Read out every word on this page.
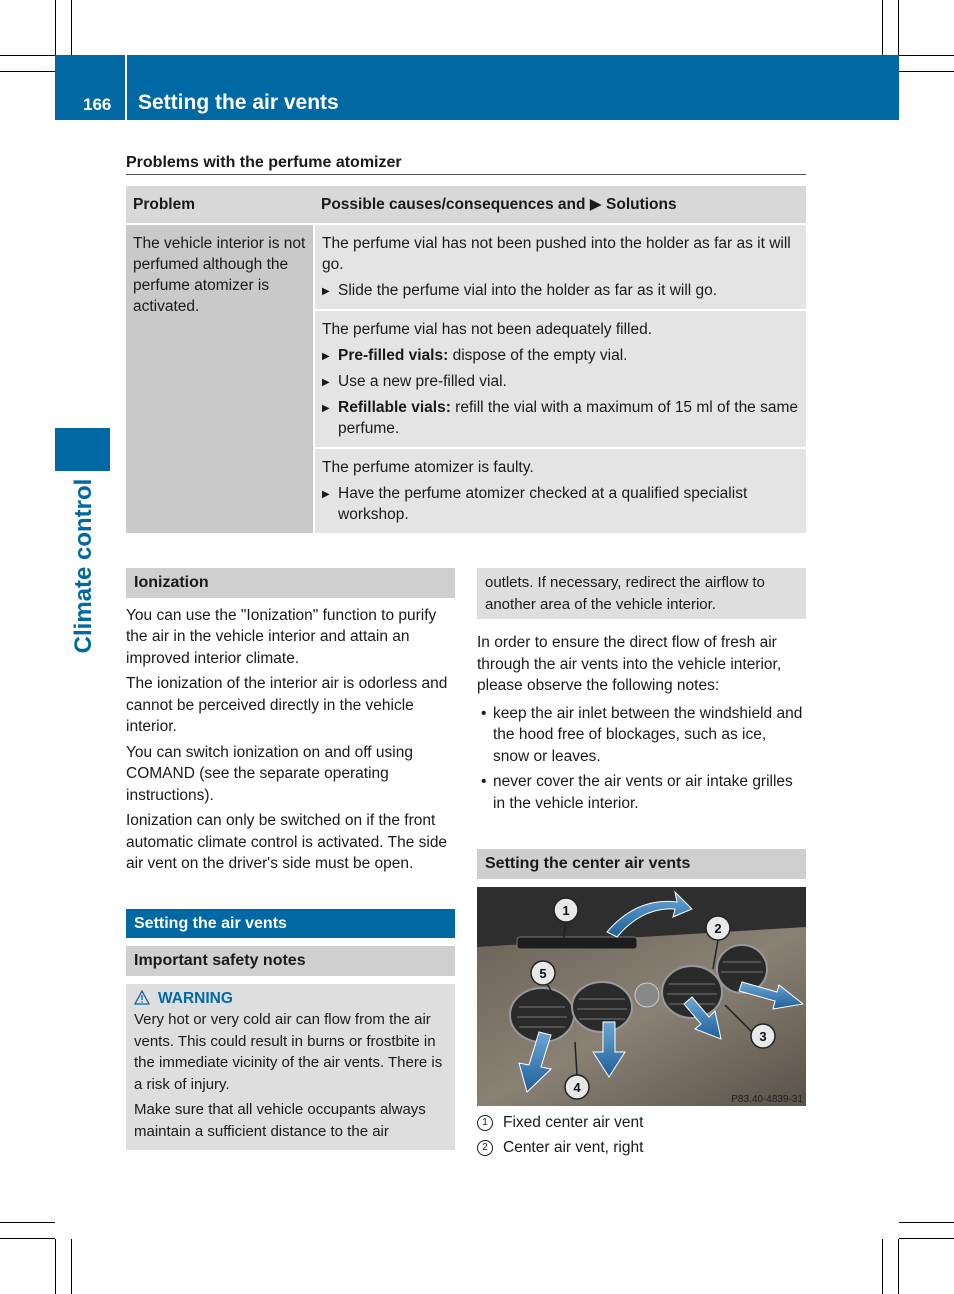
166 Setting the air vents
Climate control
Problems with the perfume atomizer
Problem	Possible causes/consequences and ▶ Solutions
The vehicle interior is not perfumed although the perfume atomizer is activated.	The perfume vial has not been pushed into the holder as far as it will go.
▶ Slide the perfume vial into the holder as far as it will go.

	The perfume vial has not been adequately filled.
▶ Pre-filled vials: dispose of the empty vial.
▶ Use a new pre-filled vial.
▶ Refillable vials: refill the vial with a maximum of 15 ml of the same perfume.

	The perfume atomizer is faulty.
▶ Have the perfume atomizer checked at a qualified specialist workshop.
Ionization

You can use the "Ionization" function to purify the air in the vehicle interior and attain an improved interior climate.

The ionization of the interior air is odorless and cannot be perceived directly in the vehicle interior.

You can switch ionization on and off using COMAND (see the separate operating instructions).

Ionization can only be switched on if the front automatic climate control is activated. The side air vent on the driver's side must be open.

Setting the air vents
Important safety notes
WARNING

Very hot or very cold air can flow from the air vents. This could result in burns or frostbite in the immediate vicinity of the air vents. There is a risk of injury.

Make sure that all vehicle occupants always maintain a sufficient distance to the air

outlets. If necessary, redirect the airflow to another area of the vehicle interior.

In order to ensure the direct flow of fresh air through the air vents into the vehicle interior, please observe the following notes:

• keep the air inlet between the windshield and the hood free of blockages, such as ice, snow or leaves.
• never cover the air vents or air intake grilles in the vehicle interior.
Setting the center air vents
1
2
3
4
5
P83.40-4839-31
1 Fixed center air vent
2 Center air vent, right
